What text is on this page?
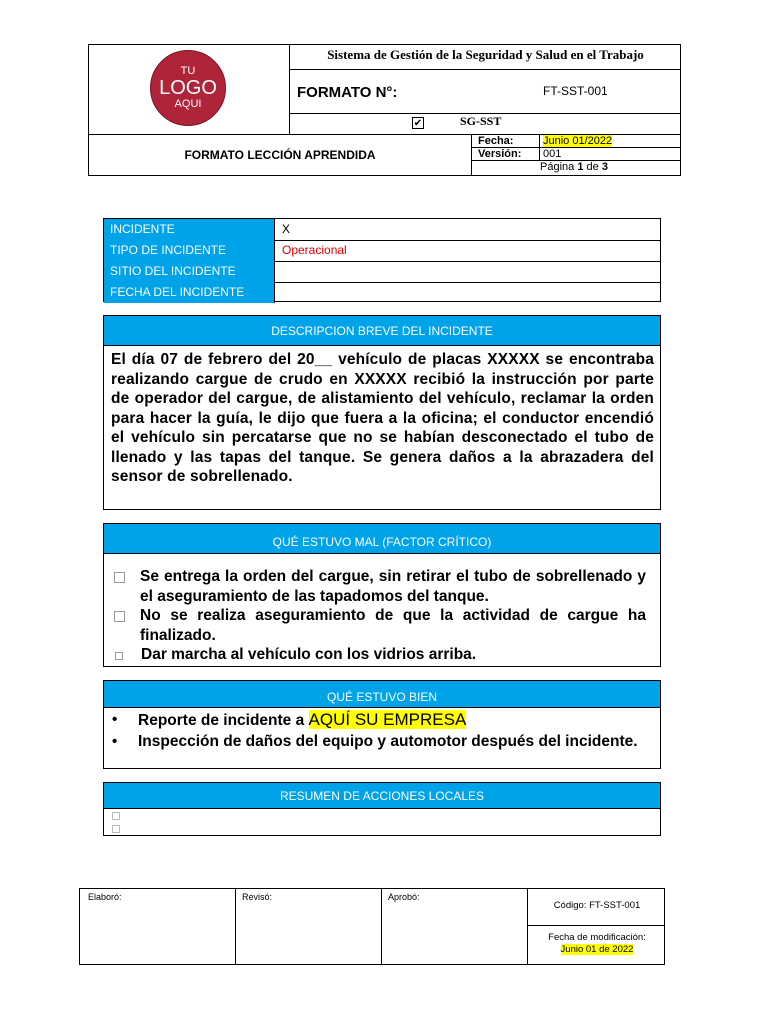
TU
LOGO
AQUI
Sistema de Gestión de la Seguridad y Salud en el Trabajo
FORMATO N°:	FT-SST-001
✔	SG-SST
FORMATO LECCIÓN APRENDIDA
Fecha:	Junio 01/2022
Versión: 001
Página 1 de 3
INCIDENTE	X
TIPO DE INCIDENTE	Operacional
SITIO DEL INCIDENTE
FECHA DEL INCIDENTE
DESCRIPCION BREVE DEL INCIDENTE
El día 07 de febrero del 20__ vehículo de placas XXXXX se encontraba realizando cargue de crudo en XXXXX recibió la instrucción por parte de operador del cargue, de alistamiento del vehículo, reclamar la orden para hacer la guía, le dijo que fuera a la oficina; el conductor encendió el vehículo sin percatarse que no se habían desconectado el tubo de llenado y las tapas del tanque. Se genera daños a la abrazadera del sensor de sobrellenado.
QUÉ ESTUVO MAL (FACTOR CRÍTICO)
Se entrega la orden del cargue, sin retirar el tubo de sobrellenado y el aseguramiento de las tapadomos del tanque.
No se realiza aseguramiento de que la actividad de cargue ha finalizado.
Dar marcha al vehículo con los vidrios arriba.
QUÉ ESTUVO BIEN
•	Reporte de incidente a AQUÍ SU EMPRESA
•	Inspección de daños del equipo y automotor después del incidente.
RESUMEN DE ACCIONES LOCALES
Elaboró:	Revisó:	Aprobó:
Código: FT-SST-001
Fecha de modificación:
Junio 01 de 2022
